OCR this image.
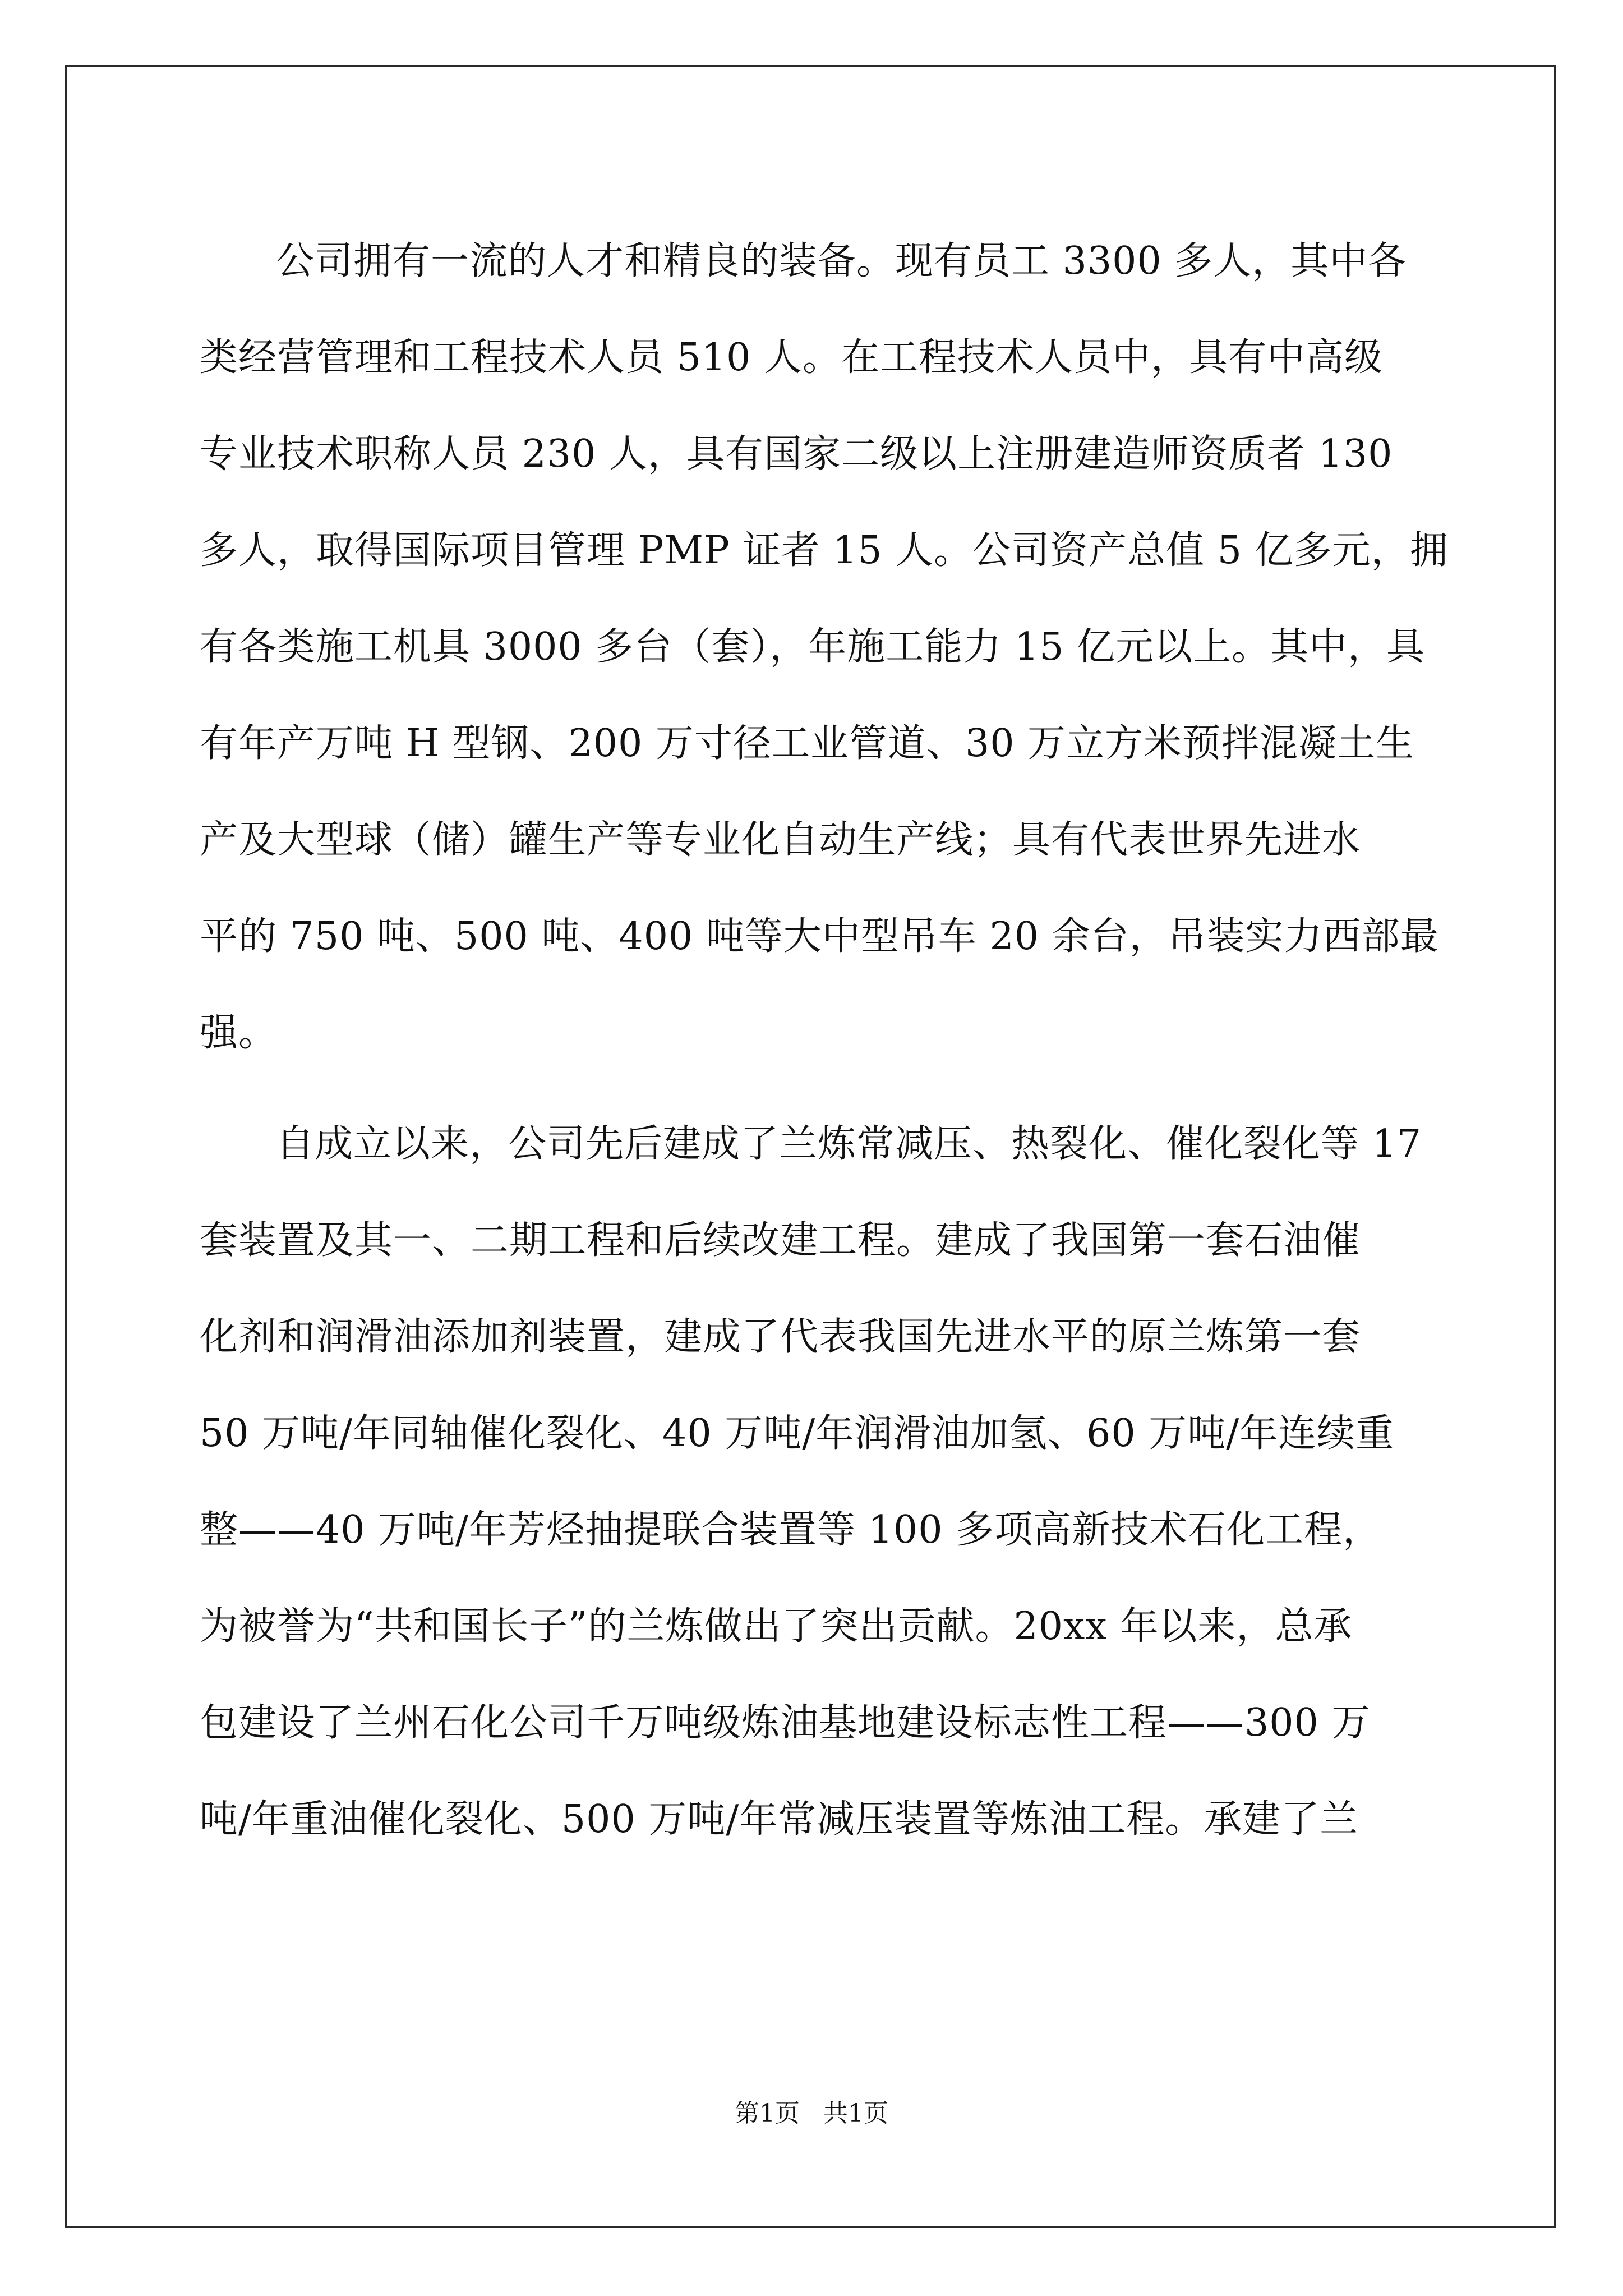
公司拥有一流的人才和精良的装备。现有员工 3300 多人，其中各
类经营管理和工程技术人员 510 人。在工程技术人员中，具有中高级
专业技术职称人员 230 人，具有国家二级以上注册建造师资质者 130
多人，取得国际项目管理 PMP 证者 15 人。公司资产总值 5 亿多元，拥
有各类施工机具 3000 多台（套），年施工能力 15 亿元以上。其中，具
有年产万吨 H 型钢、200 万寸径工业管道、30 万立方米预拌混凝土生
产及大型球（储）罐生产等专业化自动生产线；具有代表世界先进水
平的 750 吨、500 吨、400 吨等大中型吊车 20 余台，吊装实力西部最
强。
自成立以来，公司先后建成了兰炼常减压、热裂化、催化裂化等 17
套装置及其一、二期工程和后续改建工程。建成了我国第一套石油催
化剂和润滑油添加剂装置，建成了代表我国先进水平的原兰炼第一套
50 万吨/年同轴催化裂化、40 万吨/年润滑油加氢、60 万吨/年连续重
整——40 万吨/年芳烃抽提联合装置等 100 多项高新技术石化工程，
为被誉为“共和国长子”的兰炼做出了突出贡献。20xx 年以来，总承
包建设了兰州石化公司千万吨级炼油基地建设标志性工程——300 万
吨/年重油催化裂化、500 万吨/年常减压装置等炼油工程。承建了兰
第1页   共1页
